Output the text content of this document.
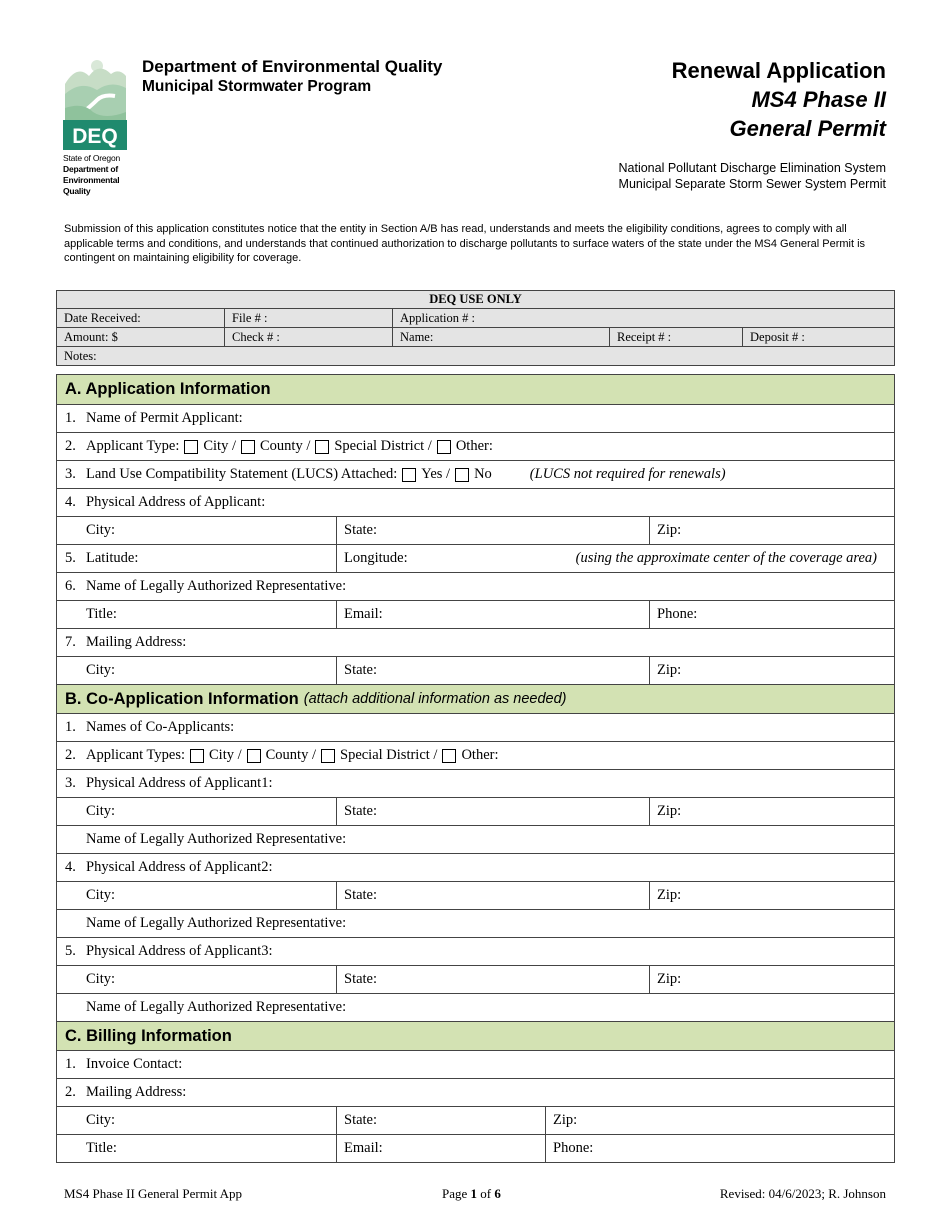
DEQ
State of Oregon
Department of
Environmental
Quality
Department of Environmental Quality
Municipal Stormwater Program
Renewal Application
MS4 Phase II
General Permit
National Pollutant Discharge Elimination System
Municipal Separate Storm Sewer System Permit
Submission of this application constitutes notice that the entity in Section A/B has read, understands and meets the eligibility conditions, agrees to comply with all applicable terms and conditions, and understands that continued authorization to discharge pollutants to surface waters of the state under the MS4 General Permit is contingent on maintaining eligibility for coverage.
DEQ USE ONLY
Date Received:	File # :	Application # :
Amount: $	Check # :	Name:	Receipt # :	Deposit # :
Notes:
A. Application Information
1. Name of Permit Applicant:
2. Applicant Type: City / County / Special District / Other:
3. Land Use Compatibility Statement (LUCS) Attached: Yes / No	(LUCS not required for renewals)
4. Physical Address of Applicant:
City:	State:	Zip:
5. Latitude:	Longitude:	(using the approximate center of the coverage area)
6. Name of Legally Authorized Representative:
Title:	Email:	Phone:
7. Mailing Address:
City:	State:	Zip:
B. Co-Application Information (attach additional information as needed)
1. Names of Co-Applicants:
2. Applicant Types: City / County / Special District / Other:
3. Physical Address of Applicant1:
City:	State:	Zip:
Name of Legally Authorized Representative:
4. Physical Address of Applicant2:
City:	State:	Zip:
Name of Legally Authorized Representative:
5. Physical Address of Applicant3:
City:	State:	Zip:
Name of Legally Authorized Representative:
C. Billing Information
1. Invoice Contact:
2. Mailing Address:
City:	State:	Zip:
Title:	Email:	Phone:
MS4 Phase II General Permit App	Page 1 of 6	Revised: 04/6/2023; R. Johnson
